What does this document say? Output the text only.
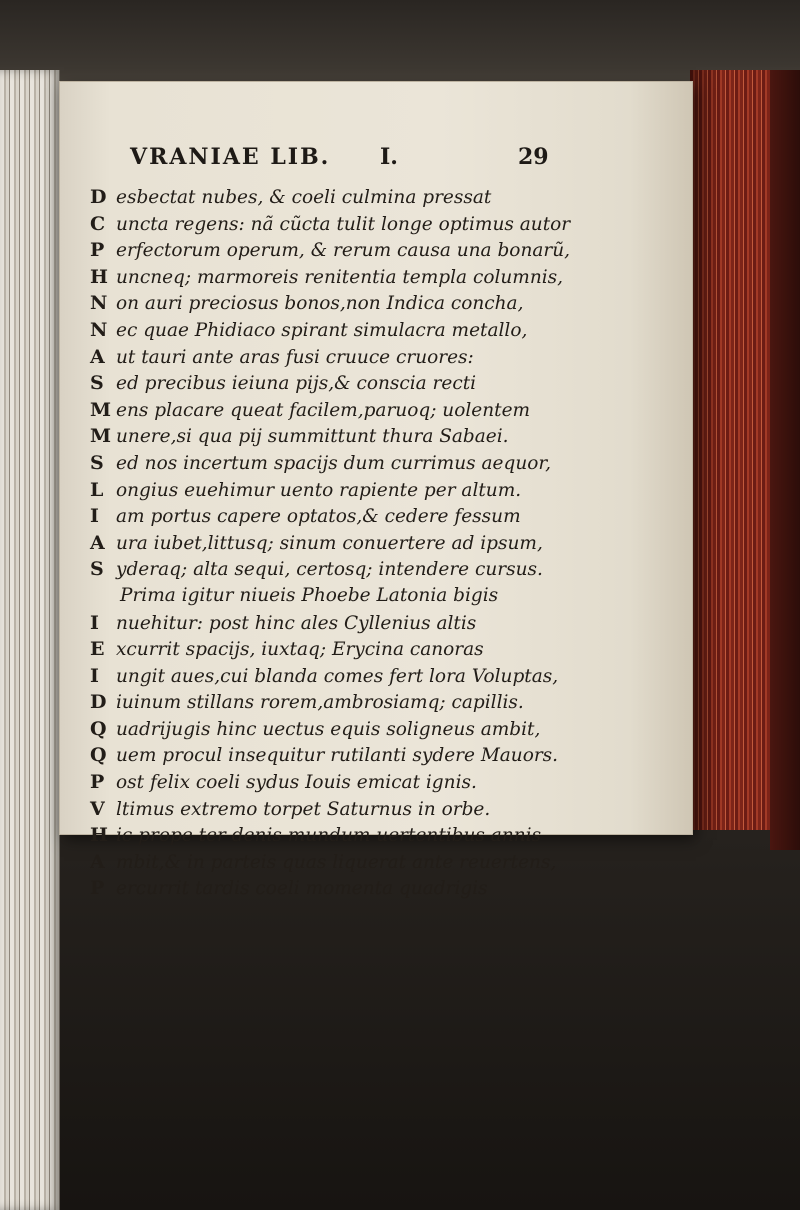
VRANIAE LIB. I.	29
D esbectat nubes, & coeli culmina pressat
C uncta regens: nã cũcta tulit longe optimus autor
P erfectorum operum, & rerum causa una bonarũ,
H uncneq; marmoreis renitentia templa columnis,
N on auri preciosus bonos,non Indica concha,
N ec quae Phidiaco spirant simulacra metallo,
A ut tauri ante aras fusi cruuce cruores:
S ed precibus ieiuna pijs,& conscia recti
M ens placare queat facilem,paruoq; uolentem
M unere,si qua pij summittunt thura Sabaei.
S ed nos incertum spacijs dum currimus aequor,
L ongius euehimur uento rapiente per altum.
I am portus capere optatos,& cedere fessum
A ura iubet,littusq; sinum conuertere ad ipsum,
S yderaq; alta sequi, certosq; intendere cursus.
Prima igitur niueis Phoebe Latonia bigis
I nuehitur: post hinc ales Cyllenius altis
E xcurrit spacijs, iuxtaq; Erycina canoras
I ungit aues,cui blanda comes fert lora Voluptas,
D iuinum stillans rorem,ambrosiamq; capillis.
Q uadrijugis hinc uectus equis soligneus ambit,
Q uem procul insequitur rutilanti sydere Mauors.
P ost felix coeli sydus Iouis emicat ignis.
V ltimus extremo torpet Saturnus in orbe.
H ic prope ter denis mundum uertentibus annis
A mbit,& in parteis quas liquerat ante reuertens,
P ercurrit tardis coeli momenta quadrigis
